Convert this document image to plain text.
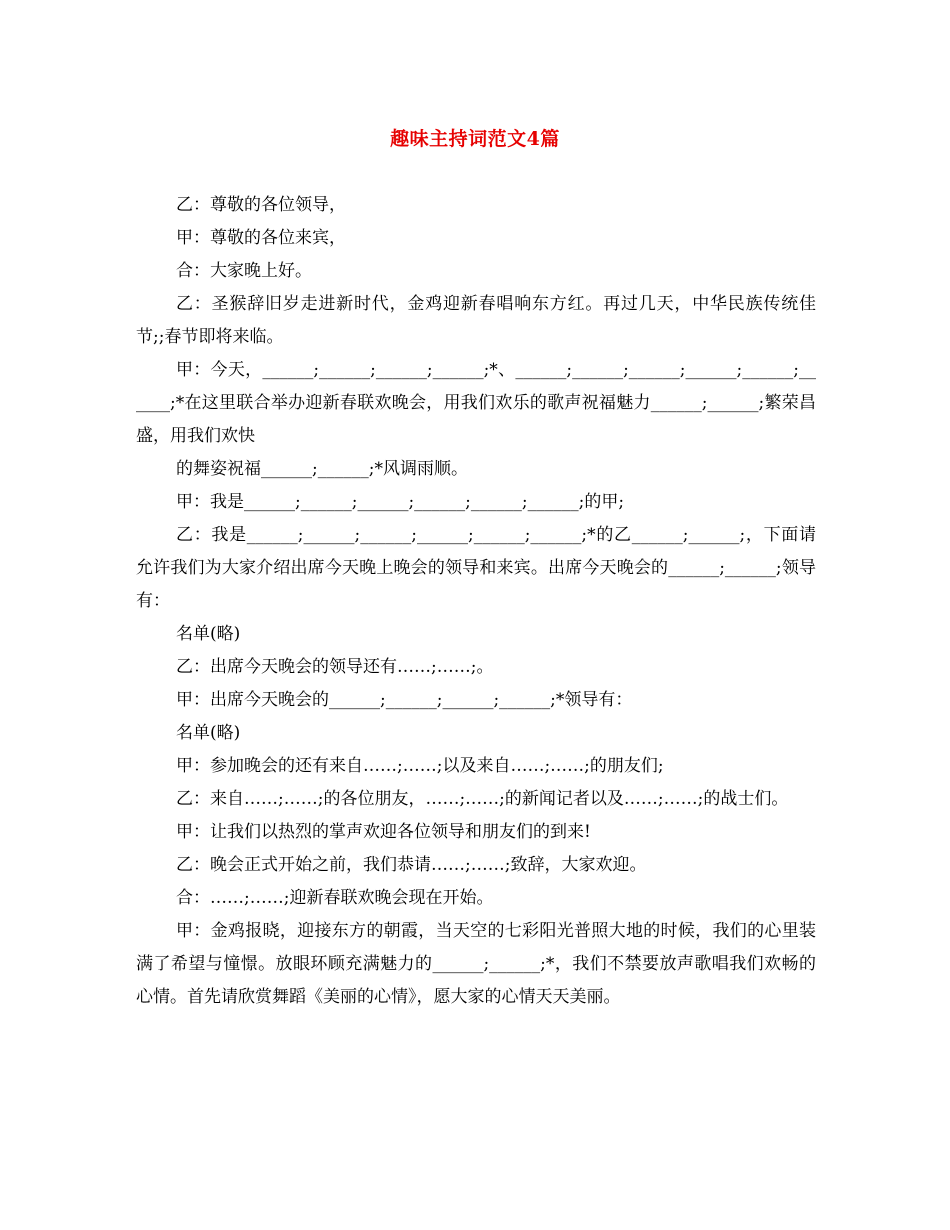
趣味主持词范文4篇

乙：尊敬的各位领导，

甲：尊敬的各位来宾，

合：大家晚上好。

乙：圣猴辞旧岁走进新时代，金鸡迎新春唱响东方红。再过几天，中华民族传统佳节;;春节即将来临。

甲：今天，______;______;______;______;*、______;______;______;______;______;______;*在这里联合举办迎新春联欢晚会，用我们欢乐的歌声祝福魅力______;______;繁荣昌盛，用我们欢快

的舞姿祝福______;______;*风调雨顺。

甲：我是______;______;______;______;______;______;的甲;

乙：我是______;______;______;______;______;______;*的乙______;______;，下面请允许我们为大家介绍出席今天晚上晚会的领导和来宾。出席今天晚会的______;______;领导有：

名单(略)

乙：出席今天晚会的领导还有……;……;。

甲：出席今天晚会的______;______;______;______;*领导有：

名单(略)

甲：参加晚会的还有来自……;……;以及来自……;……;的朋友们;

乙：来自……;……;的各位朋友，……;……;的新闻记者以及……;……;的战士们。

甲：让我们以热烈的掌声欢迎各位领导和朋友们的到来!

乙：晚会正式开始之前，我们恭请……;……;致辞，大家欢迎。

合：……;……;迎新春联欢晚会现在开始。

甲：金鸡报晓，迎接东方的朝霞，当天空的七彩阳光普照大地的时候，我们的心里装满了希望与憧憬。放眼环顾充满魅力的______;______;*，我们不禁要放声歌唱我们欢畅的心情。首先请欣赏舞蹈《美丽的心情》，愿大家的心情天天美丽。
